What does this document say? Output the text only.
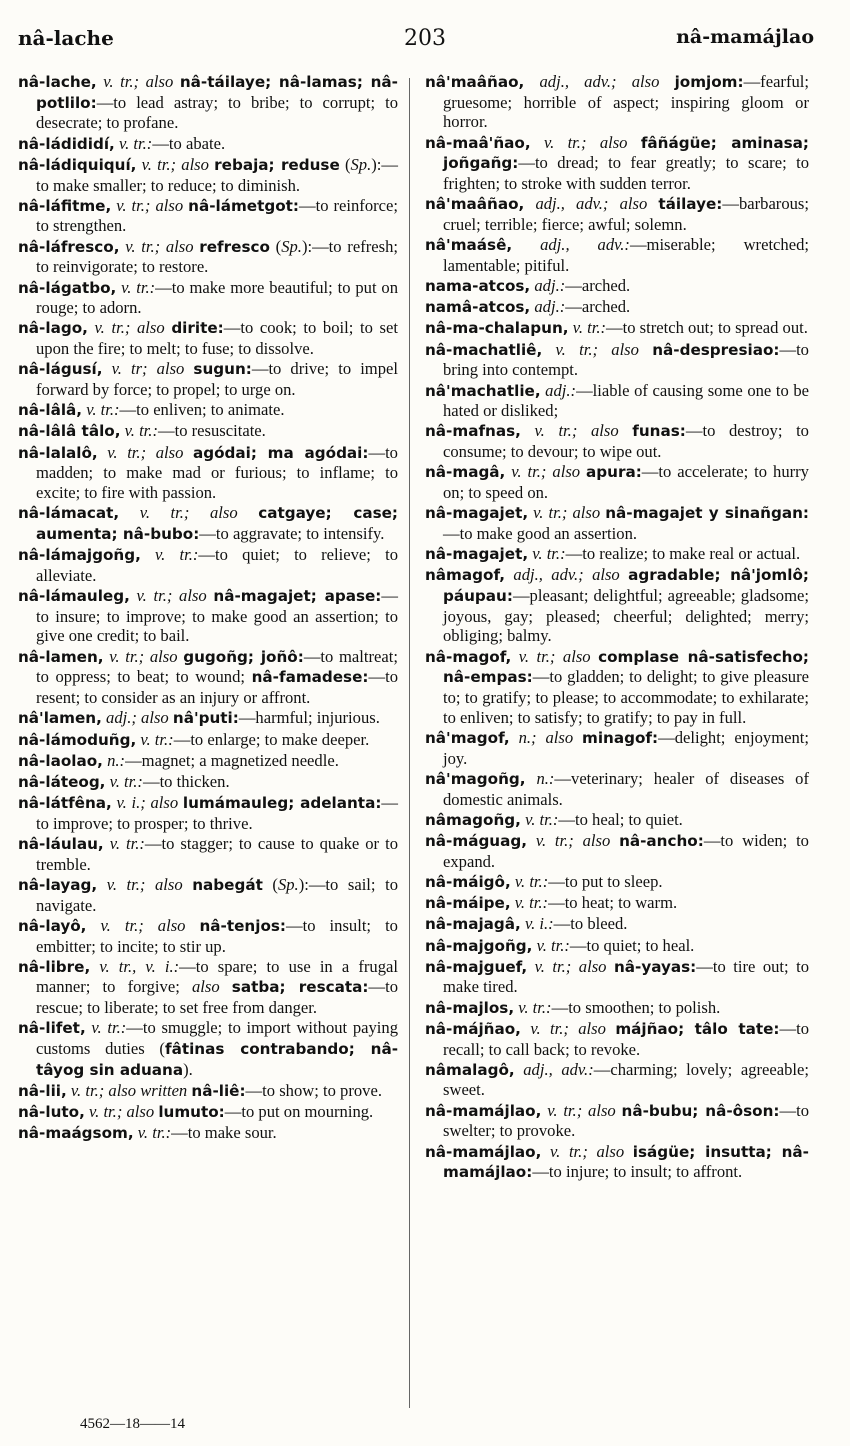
nâ-lache	203	nâ-mamájlao
nâ-lache, v. tr.; also nâ-táilaye; nâ-lamas; nâ-potlilo:—to lead astray; to bribe; to corrupt; to desecrate; to profane.
nâ-ládididí, v. tr.:—to abate.
nâ-ládiquiquí, v. tr.; also rebaja; reduse (Sp.):—to make smaller; to reduce; to diminish.
nâ-láfitme, v. tr.; also nâ-lámetgot:—to reinforce; to strengthen.
nâ-láfresco, v. tr.; also refresco (Sp.):—to refresh; to reinvigorate; to restore.
nâ-lágatbo, v. tr.:—to make more beautiful; to put on rouge; to adorn.
nâ-lago, v. tr.; also dirite:—to cook; to boil; to set upon the fire; to melt; to fuse; to dissolve.
nâ-lágusí, v. tr; also sugun:—to drive; to impel forward by force; to propel; to urge on.
nâ-lâlâ, v. tr.:—to enliven; to animate.
nâ-lâlâ tâlo, v. tr.:—to resuscitate.
nâ-lalalô, v. tr.; also agódai; ma agódai:—to madden; to make mad or furious; to inflame; to excite; to fire with passion.
nâ-lámacat, v. tr.; also catgaye; case; aumenta; nâ-bubo:—to aggravate; to intensify.
nâ-lámajgoñg, v. tr.:—to quiet; to relieve; to alleviate.
nâ-lámauleg, v. tr.; also nâ-magajet; apase:—to insure; to improve; to make good an assertion; to give one credit; to bail.
nâ-lamen, v. tr.; also gugoñg; joñô:—to maltreat; to oppress; to beat; to wound; nâ-famadese:—to resent; to consider as an injury or affront.
nâ'lamen, adj.; also nâ'puti:—harmful; injurious.
nâ-lámoduñg, v. tr.:—to enlarge; to make deeper.
nâ-laolao, n.:—magnet; a magnetized needle.
nâ-láteog, v. tr.:—to thicken.
nâ-látfêna, v. i.; also lumámauleg; adelanta:—to improve; to prosper; to thrive.
nâ-láulau, v. tr.:—to stagger; to cause to quake or to tremble.
nâ-layag, v. tr.; also nabegát (Sp.):—to sail; to navigate.
nâ-layô, v. tr.; also nâ-tenjos:—to insult; to embitter; to incite; to stir up.
nâ-libre, v. tr., v. i.:—to spare; to use in a frugal manner; to forgive; also satba; rescata:—to rescue; to liberate; to set free from danger.
nâ-lifet, v. tr.:—to smuggle; to import without paying customs duties (fâtinas contrabando; nâ-tâyog sin aduana).
nâ-lii, v. tr.; also written nâ-liê:—to show; to prove.
nâ-luto, v. tr.; also lumuto:—to put on mourning.
nâ-maágsom, v. tr.:—to make sour.
nâ'maâñao, adj., adv.; also jomjom:—fearful; gruesome; horrible of aspect; inspiring gloom or horror.
nâ-maâ'ñao, v. tr.; also fâñágüe; aminasa; joñgañg:—to dread; to fear greatly; to scare; to frighten; to stroke with sudden terror.
nâ'maâñao, adj., adv.; also táilaye:—barbarous; cruel; terrible; fierce; awful; solemn.
nâ'maásê, adj., adv.:—miserable; wretched; lamentable; pitiful.
nama-atcos, adj.:—arched.
namâ-atcos, adj.:—arched.
nâ-ma-chalapun, v. tr.:—to stretch out; to spread out.
nâ-machatliê, v. tr.; also nâ-despresiao:—to bring into contempt.
nâ'machatlie, adj.:—liable of causing some one to be hated or disliked;
nâ-mafnas, v. tr.; also funas:—to destroy; to consume; to devour; to wipe out.
nâ-magâ, v. tr.; also apura:—to accelerate; to hurry on; to speed on.
nâ-magajet, v. tr.; also nâ-magajet y sinañgan:—to make good an assertion.
nâ-magajet, v. tr.:—to realize; to make real or actual.
nâmagof, adj., adv.; also agradable; nâ'jomlô; páupau:—pleasant; delightful; agreeable; gladsome; joyous, gay; pleased; cheerful; delighted; merry; obliging; balmy.
nâ-magof, v. tr.; also complase nâ-satisfecho; nâ-empas:—to gladden; to delight; to give pleasure to; to gratify; to please; to accommodate; to exhilarate; to enliven; to satisfy; to gratify; to pay in full.
nâ'magof, n.; also minagof:—delight; enjoyment; joy.
nâ'magoñg, n.:—veterinary; healer of diseases of domestic animals.
nâmagoñg, v. tr.:—to heal; to quiet.
nâ-máguag, v. tr.; also nâ-ancho:—to widen; to expand.
nâ-máigô, v. tr.:—to put to sleep.
nâ-máipe, v. tr.:—to heat; to warm.
nâ-majagâ, v. i.:—to bleed.
nâ-majgoñg, v. tr.:—to quiet; to heal.
nâ-majguef, v. tr.; also nâ-yayas:—to tire out; to make tired.
nâ-majlos, v. tr.:—to smoothen; to polish.
nâ-májñao, v. tr.; also májñao; tâlo tate:—to recall; to call back; to revoke.
nâmalagô, adj., adv.:—charming; lovely; agreeable; sweet.
nâ-mamájlao, v. tr.; also nâ-bubu; nâ-ôson:—to swelter; to provoke.
nâ-mamájlao, v. tr.; also iságüe; insutta; nâ-mamájlao:—to injure; to insult; to affront.
4562—18——14
